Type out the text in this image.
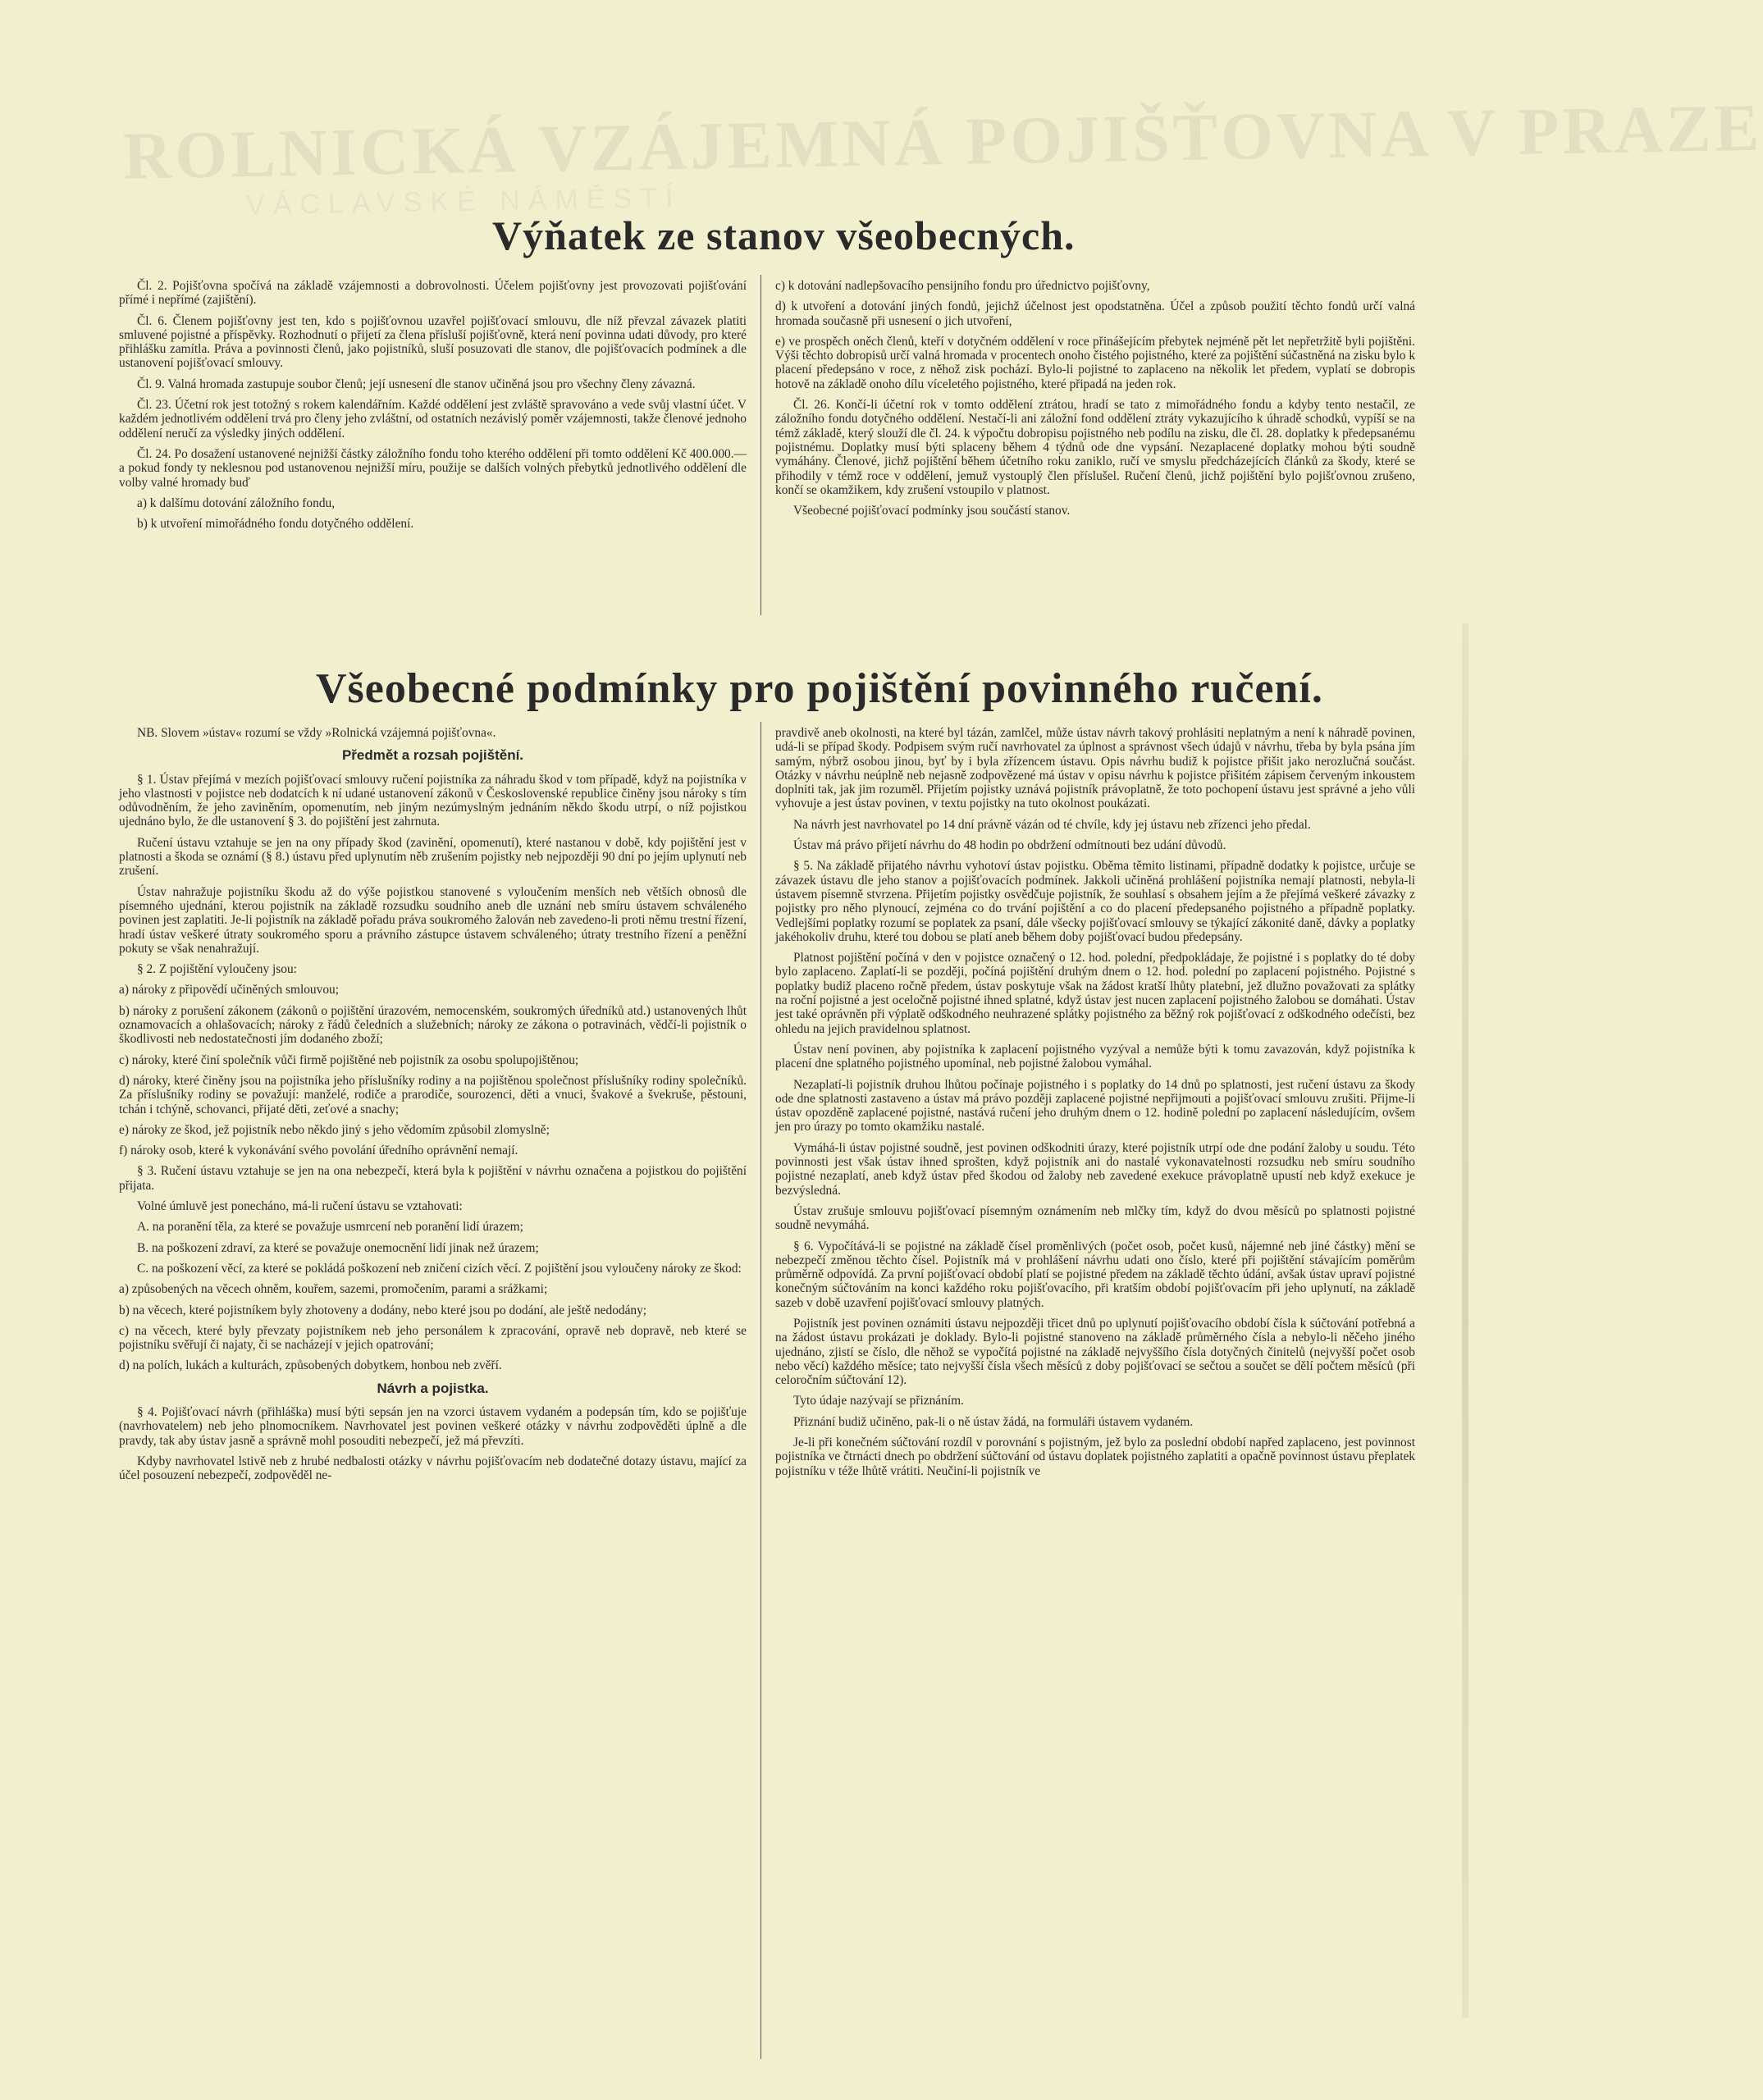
ROLNICKÁ VZÁJEMNÁ POJIŠŤOVNA V PRAZE
VÁCLAVSKÉ NÁMĚSTÍ
Výňatek ze stanov všeobecných.

Čl. 2. Pojišťovna spočívá na základě vzájemnosti a dobrovolnosti. Účelem pojišťovny jest provozovati pojišťování přímé i nepřímé (zajištění).

Čl. 6. Členem pojišťovny jest ten, kdo s pojišťovnou uzavřel pojišťovací smlouvu, dle níž převzal závazek platiti smluvené pojistné a příspěvky. Rozhodnutí o přijetí za člena přísluší pojišťovně, která není povinna udati důvody, pro které přihlášku zamítla. Práva a povinnosti členů, jako pojistníků, sluší posuzovati dle stanov, dle pojišťovacích podmínek a dle ustanovení pojišťovací smlouvy.

Čl. 9. Valná hromada zastupuje soubor členů; její usnesení dle stanov učiněná jsou pro všechny členy závazná.

Čl. 23. Účetní rok jest totožný s rokem kalendářním. Každé oddělení jest zvláště spravováno a vede svůj vlastní účet. V každém jednotlivém oddělení trvá pro členy jeho zvláštní, od ostatních nezávislý poměr vzájemnosti, takže členové jednoho oddělení neručí za výsledky jiných oddělení.

Čl. 24. Po dosažení ustanovené nejnižší částky záložního fondu toho kterého oddělení při tomto oddělení Kč 400.000.— a pokud fondy ty neklesnou pod ustanovenou nejnižší míru, použije se dalších volných přebytků jednotlivého oddělení dle volby valné hromady buď

a) k dalšímu dotování záložního fondu,

b) k utvoření mimořádného fondu dotyčného oddělení.

c) k dotování nadlepšovacího pensijního fondu pro úřednictvo pojišťovny,

d) k utvoření a dotování jiných fondů, jejichž účelnost jest opodstatněna. Účel a způsob použití těchto fondů určí valná hromada současně při usnesení o jich utvoření,

e) ve prospěch oněch členů, kteří v dotyčném oddělení v roce přinášejícím přebytek nejméně pět let nepřetržitě byli pojištěni. Výši těchto dobropisů určí valná hromada v procentech onoho čistého pojistného, které za pojištění súčastněná na zisku bylo k placení předepsáno v roce, z něhož zisk pochází. Bylo-li pojistné to zaplaceno na několik let předem, vyplatí se dobropis hotově na základě onoho dílu víceletého pojistného, které připadá na jeden rok.

Čl. 26. Končí-li účetní rok v tomto oddělení ztrátou, hradí se tato z mimořádného fondu a kdyby tento nestačil, ze záložního fondu dotyčného oddělení. Nestačí-li ani záložní fond oddělení ztráty vykazujícího k úhradě schodků, vypíší se na témž základě, který slouží dle čl. 24. k výpočtu dobropisu pojistného neb podílu na zisku, dle čl. 28. doplatky k předepsanému pojistnému. Doplatky musí býti splaceny během 4 týdnů ode dne vypsání. Nezaplacené doplatky mohou býti soudně vymáhány. Členové, jichž pojištění během účetního roku zaniklo, ručí ve smyslu předcházejících článků za škody, které se přihodily v témž roce v oddělení, jemuž vystouplý člen příslušel. Ručení členů, jichž pojištění bylo pojišťovnou zrušeno, končí se okamžikem, kdy zrušení vstoupilo v platnost.

Všeobecné pojišťovací podmínky jsou součástí stanov.

Všeobecné podmínky pro pojištění povinného ručení.

NB. Slovem »ústav« rozumí se vždy »Rolnická vzájemná pojišťovna«.

Předmět a rozsah pojištění.

§ 1. Ústav přejímá v mezích pojišťovací smlouvy ručení pojistníka za náhradu škod v tom případě, když na pojistníka v jeho vlastnosti v pojistce neb dodatcích k ní udané ustanovení zákonů v Československé republice činěny jsou nároky s tím odůvodněním, že jeho zaviněním, opomenutím, neb jiným nezúmyslným jednáním někdo škodu utrpí, o níž pojistkou ujednáno bylo, že dle ustanovení § 3. do pojištění jest zahrnuta.

Ručení ústavu vztahuje se jen na ony případy škod (zavinění, opomenutí), které nastanou v době, kdy pojištění jest v platnosti a škoda se oznámí (§ 8.) ústavu před uplynutím něb zrušením pojistky neb nejpozději 90 dní po jejím uplynutí neb zrušení.

Ústav nahražuje pojistníku škodu až do výše pojistkou stanovené s vyloučením menších neb větších obnosů dle písemného ujednání, kterou pojistník na základě rozsudku soudního aneb dle uznání neb smíru ústavem schváleného povinen jest zaplatiti. Je-li pojistník na základě pořadu práva soukromého žalován neb zavedeno-li proti němu trestní řízení, hradí ústav veškeré útraty soukromého sporu a právního zástupce ústavem schváleného; útraty trestního řízení a peněžní pokuty se však nenahražují.

§ 2. Z pojištění vyloučeny jsou:

a) nároky z připovědí učiněných smlouvou;

b) nároky z porušení zákonem (zákonů o pojištění úrazovém, nemocenském, soukromých úředníků atd.) ustanovených lhůt oznamovacích a ohlašovacích; nároky z řádů čeledních a služebních; nároky ze zákona o potravinách, vědčí-li pojistník o škodlivosti neb nedostatečnosti jím dodaného zboží;

c) nároky, které činí společník vůči firmě pojištěné neb pojistník za osobu spolupojištěnou;

d) nároky, které činěny jsou na pojistníka jeho příslušníky rodiny a na pojištěnou společnost příslušníky rodiny společníků. Za příslušníky rodiny se považují: manželé, rodiče a prarodiče, sourozenci, děti a vnuci, švakové a švekruše, pěstouni, tchán i tchýně, schovanci, přijaté děti, zeťové a snachy;

e) nároky ze škod, jež pojistník nebo někdo jiný s jeho vědomím způsobil zlomyslně;

f) nároky osob, které k vykonávání svého povolání úředního oprávnění nemají.

§ 3. Ručení ústavu vztahuje se jen na ona nebezpečí, která byla k pojištění v návrhu označena a pojistkou do pojištění přijata.

Volné úmluvě jest ponecháno, má-li ručení ústavu se vztahovati:

A. na poranění těla, za které se považuje usmrcení neb poranění lidí úrazem;

B. na poškození zdraví, za které se považuje onemocnění lidí jinak než úrazem;

C. na poškození věcí, za které se pokládá poškození neb zničení cizích věcí. Z pojištění jsou vyloučeny nároky ze škod:

a) způsobených na věcech ohněm, kouřem, sazemi, promočením, parami a srážkami;

b) na věcech, které pojistníkem byly zhotoveny a dodány, nebo které jsou po dodání, ale ještě nedodány;

c) na věcech, které byly převzaty pojistníkem neb jeho personálem k zpracování, opravě neb dopravě, neb které se pojistníku svěřují či najaty, či se nacházejí v jejich opatrování;

d) na polích, lukách a kulturách, způsobených dobytkem, honbou neb zvěří.

Návrh a pojistka.

§ 4. Pojišťovací návrh (přihláška) musí býti sepsán jen na vzorci ústavem vydaném a podepsán tím, kdo se pojišťuje (navrhovatelem) neb jeho plnomocníkem. Navrhovatel jest povinen veškeré otázky v návrhu zodpověděti úplně a dle pravdy, tak aby ústav jasně a správně mohl posouditi nebezpečí, jež má převzíti.

Kdyby navrhovatel lstivě neb z hrubé nedbalosti otázky v návrhu pojišťovacím neb dodatečné dotazy ústavu, mající za účel posouzení nebezpečí, zodpověděl ne-

pravdivě aneb okolnosti, na které byl tázán, zamlčel, může ústav návrh takový prohlásiti neplatným a není k náhradě povinen, udá-li se případ škody. Podpisem svým ručí navrhovatel za úplnost a správnost všech údajů v návrhu, třeba by byla psána jím samým, nýbrž osobou jinou, byť by i byla zřízencem ústavu. Opis návrhu budiž k pojistce přišit jako nerozlučná součást. Otázky v návrhu neúplně neb nejasně zodpovězené má ústav v opisu návrhu k pojistce přišitém zápisem červeným inkoustem doplniti tak, jak jim rozuměl. Přijetím pojistky uznává pojistník právoplatně, že toto pochopení ústavu jest správné a jeho vůli vyhovuje a jest ústav povinen, v textu pojistky na tuto okolnost poukázati.

Na návrh jest navrhovatel po 14 dní právně vázán od té chvíle, kdy jej ústavu neb zřízenci jeho předal.

Ústav má právo přijetí návrhu do 48 hodin po obdržení odmítnouti bez udání důvodů.

§ 5. Na základě přijatého návrhu vyhotoví ústav pojistku. Oběma těmito listinami, případně dodatky k pojistce, určuje se závazek ústavu dle jeho stanov a pojišťovacích podmínek. Jakkoli učiněná prohlášení pojistníka nemají platnosti, nebyla-li ústavem písemně stvrzena. Přijetím pojistky osvědčuje pojistník, že souhlasí s obsahem jejím a že přejímá veškeré závazky z pojistky pro něho plynoucí, zejména co do trvání pojištění a co do placení předepsaného pojistného a případně poplatky. Vedlejšími poplatky rozumí se poplatek za psaní, dále všecky pojišťovací smlouvy se týkající zákonité daně, dávky a poplatky jakéhokoliv druhu, které tou dobou se platí aneb během doby pojišťovací budou předepsány.

Platnost pojištění počíná v den v pojistce označený o 12. hod. polední, předpokládaje, že pojistné i s poplatky do té doby bylo zaplaceno. Zaplatí-li se později, počíná pojištění druhým dnem o 12. hod. polední po zaplacení pojistného. Pojistné s poplatky budiž placeno ročně předem, ústav poskytuje však na žádost kratší lhůty platební, jež dlužno považovati za splátky na roční pojistné a jest oceločně pojistné ihned splatné, když ústav jest nucen zaplacení pojistného žalobou se domáhati. Ústav jest také oprávněn při výplatě odškodného neuhrazené splátky pojistného za běžný rok pojišťovací z odškodného odečísti, bez ohledu na jejich pravidelnou splatnost.

Ústav není povinen, aby pojistníka k zaplacení pojistného vyzýval a nemůže býti k tomu zavazován, když pojistníka k placení dne splatného pojistného upomínal, neb pojistné žalobou vymáhal.

Nezaplatí-li pojistník druhou lhůtou počínaje pojistného i s poplatky do 14 dnů po splatnosti, jest ručení ústavu za škody ode dne splatnosti zastaveno a ústav má právo později zaplacené pojistné nepřijmouti a pojišťovací smlouvu zrušiti. Přijme-li ústav opozděně zaplacené pojistné, nastává ručení jeho druhým dnem o 12. hodině polední po zaplacení následujícím, ovšem jen pro úrazy po tomto okamžiku nastalé.

Vymáhá-li ústav pojistné soudně, jest povinen odškodniti úrazy, které pojistník utrpí ode dne podání žaloby u soudu. Této povinnosti jest však ústav ihned sprošten, když pojistník ani do nastalé vykonavatelnosti rozsudku neb smíru soudního pojistné nezaplatí, aneb když ústav před škodou od žaloby neb zavedené exekuce právoplatně upustí neb když exekuce je bezvýsledná.

Ústav zrušuje smlouvu pojišťovací písemným oznámením neb mlčky tím, když do dvou měsíců po splatnosti pojistné soudně nevymáhá.

§ 6. Vypočítává-li se pojistné na základě čísel proměnlivých (počet osob, počet kusů, nájemné neb jiné částky) mění se nebezpečí změnou těchto čísel. Pojistník má v prohlášení návrhu udati ono číslo, které při pojištění stávajícím poměrům průměrně odpovídá. Za první pojišťovací období platí se pojistné předem na základě těchto údání, avšak ústav upraví pojistné konečným súčtováním na konci každého roku pojišťovacího, při kratším období pojišťovacím při jeho uplynutí, na základě sazeb v době uzavření pojišťovací smlouvy platných.

Pojistník jest povinen oznámiti ústavu nejpozději třicet dnů po uplynutí pojišťovacího období čísla k súčtování potřebná a na žádost ústavu prokázati je doklady. Bylo-li pojistné stanoveno na základě průměrného čísla a nebylo-li něčeho jiného ujednáno, zjistí se číslo, dle něhož se vypočítá pojistné na základě nejvyššího čísla dotyčných činitelů (nejvyšší počet osob nebo věcí) každého měsíce; tato nejvyšší čísla všech měsíců z doby pojišťovací se sečtou a součet se dělí počtem měsíců (při celoročním súčtování 12).

Tyto údaje nazývají se přiznáním.

Přiznání budiž učiněno, pak-li o ně ústav žádá, na formuláři ústavem vydaném.

Je-li při konečném súčtování rozdíl v porovnání s pojistným, jež bylo za poslední období napřed zaplaceno, jest povinnost pojistníka ve čtrnácti dnech po obdržení súčtování od ústavu doplatek pojistného zaplatiti a opačně povinnost ústavu přeplatek pojistníku v téže lhůtě vrátiti. Neučiní-li pojistník ve
